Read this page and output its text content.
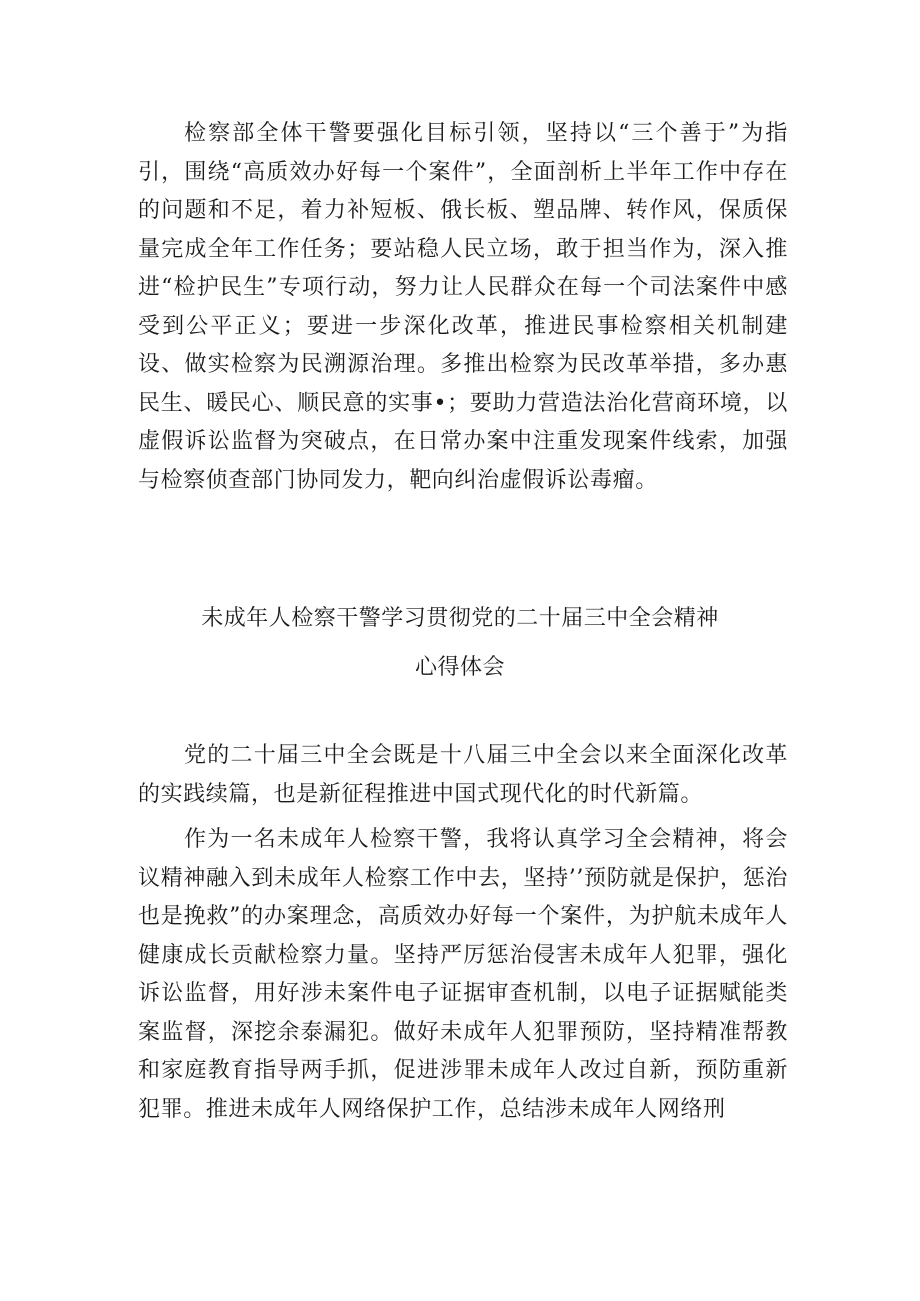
检察部全体干警要强化目标引领，坚持以“三个善于”为指引，围绕“高质效办好每一个案件”，全面剖析上半年工作中存在的问题和不足，着力补短板、俄长板、塑品牌、转作风，保质保量完成全年工作任务；要站稳人民立场，敢于担当作为，深入推进“检护民生”专项行动，努力让人民群众在每一个司法案件中感受到公平正义；要进一步深化改革，推进民事检察相关机制建设、做实检察为民溯源治理。多推出检察为民改革举措，多办惠民生、暖民心、顺民意的实事•；要助力营造法治化营商环境，以虚假诉讼监督为突破点，在日常办案中注重发现案件线索，加强与检察侦查部门协同发力，靶向纠治虚假诉讼毒瘤。

未成年人检察干警学习贯彻党的二十届三中全会精神
心得体会

党的二十届三中全会既是十八届三中全会以来全面深化改革的实践续篇，也是新征程推进中国式现代化的时代新篇。

作为一名未成年人检察干警，我将认真学习全会精神，将会议精神融入到未成年人检察工作中去，坚持’’预防就是保护，惩治也是挽救”的办案理念，高质效办好每一个案件，为护航未成年人健康成长贡献检察力量。坚持严厉惩治侵害未成年人犯罪，强化诉讼监督，用好涉未案件电子证据审查机制，以电子证据赋能类案监督，深挖余泰漏犯。做好未成年人犯罪预防，坚持精准帮教和家庭教育指导两手抓，促进涉罪未成年人改过自新，预防重新犯罪。推进未成年人网络保护工作，总结涉未成年人网络刑
